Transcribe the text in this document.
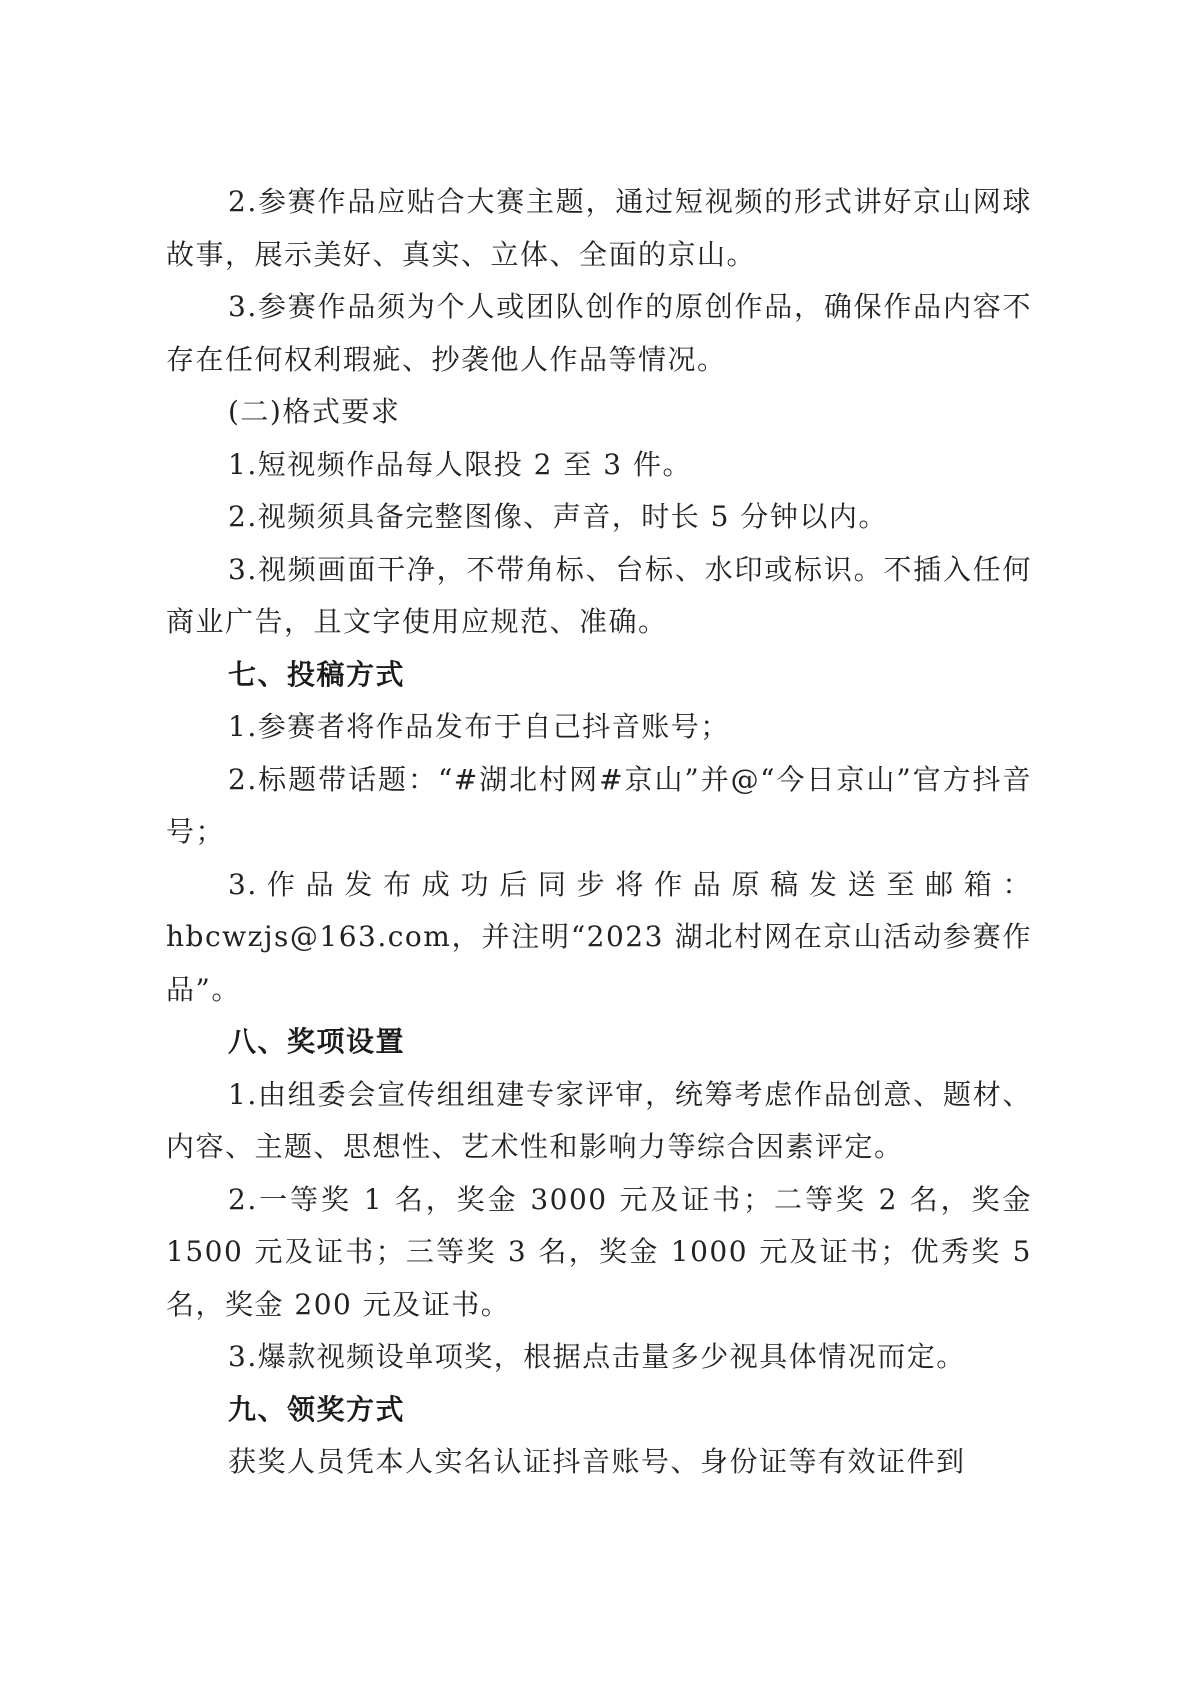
2.参赛作品应贴合大赛主题，通过短视频的形式讲好京山网球故事，展示美好、真实、立体、全面的京山。

3.参赛作品须为个人或团队创作的原创作品，确保作品内容不存在任何权利瑕疵、抄袭他人作品等情况。

(二)格式要求

1.短视频作品每人限投 2 至 3 件。

2.视频须具备完整图像、声音，时长 5 分钟以内。

3.视频画面干净，不带角标、台标、水印或标识。不插入任何商业广告，且文字使用应规范、准确。

七、投稿方式

1.参赛者将作品发布于自己抖音账号；

2.标题带话题：“#湖北村网#京山”并@“今日京山”官方抖音号；

3.作品发布成功后同步将作品原稿发送至邮箱：hbcwzjs@163.com，并注明“2023 湖北村网在京山活动参赛作品”。

八、奖项设置

1.由组委会宣传组组建专家评审，统筹考虑作品创意、题材、内容、主题、思想性、艺术性和影响力等综合因素评定。

2.一等奖 1 名，奖金 3000 元及证书；二等奖 2 名，奖金1500 元及证书；三等奖 3 名，奖金 1000 元及证书；优秀奖 5名，奖金 200 元及证书。

3.爆款视频设单项奖，根据点击量多少视具体情况而定。

九、领奖方式

获奖人员凭本人实名认证抖音账号、身份证等有效证件到
